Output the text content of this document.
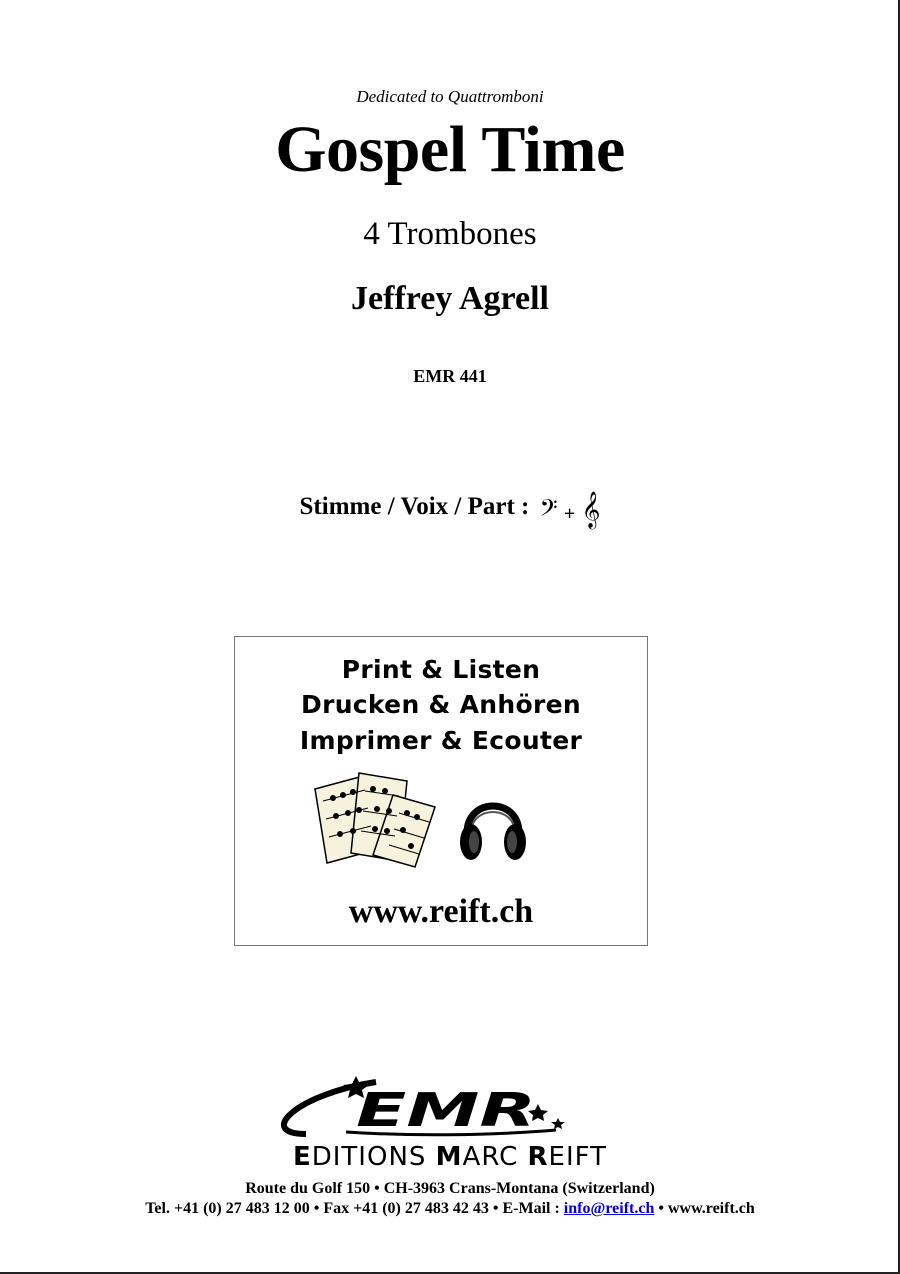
Dedicated to Quattromboni
Gospel Time
4 Trombones
Jeffrey Agrell
EMR 441
Stimme / Voix / Part : 𝄢 + 𝄞
Print & Listen
Drucken & Anhören
Imprimer & Ecouter
www.reift.ch
EMR
EDITIONS MARC REIFT
Route du Golf 150 • CH-3963 Crans-Montana (Switzerland)
Tel. +41 (0) 27 483 12 00 • Fax +41 (0) 27 483 42 43 • E-Mail : info@reift.ch • www.reift.ch
